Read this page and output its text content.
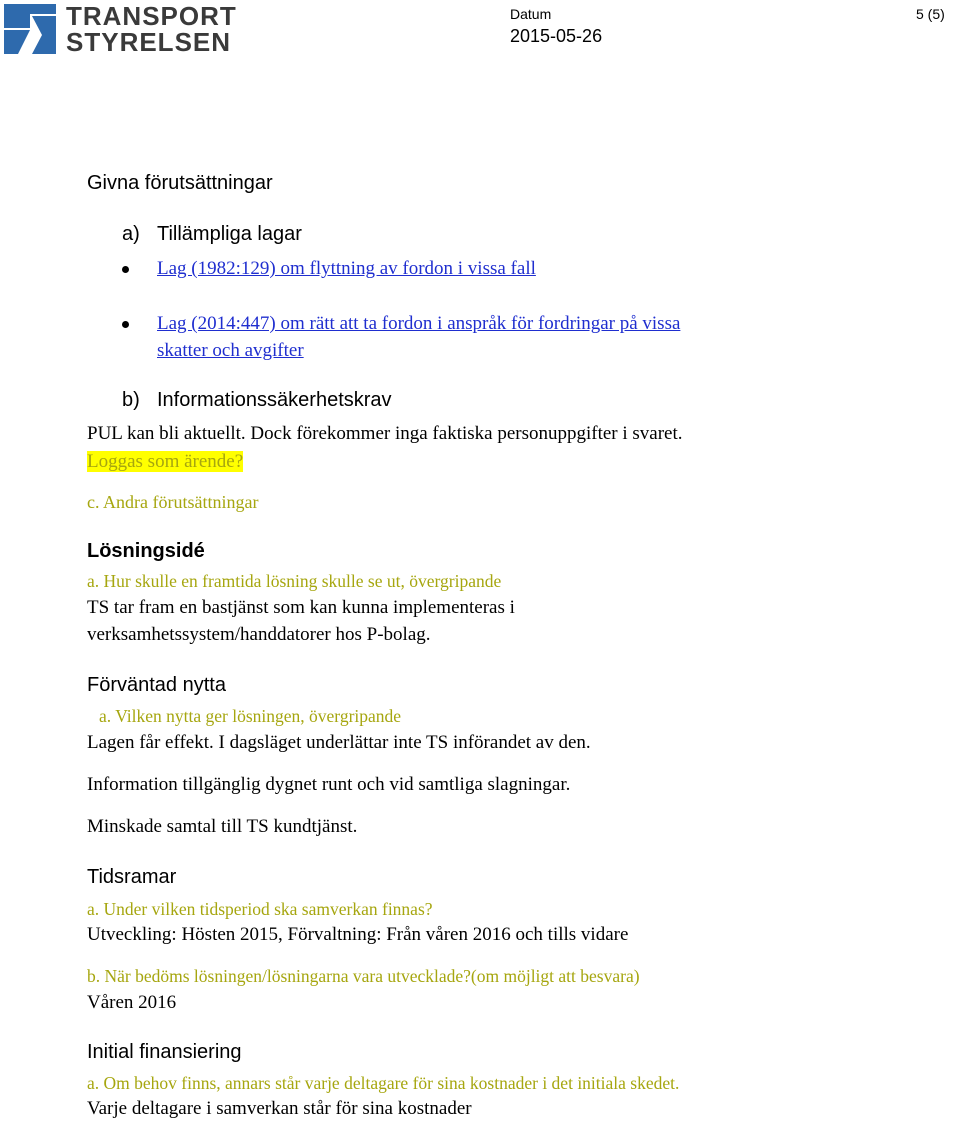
TRANSPORT
STYRELSEN
Datum
2015-05-26
5 (5)
Givna förutsättningar
a) Tillämpliga lagar
Lag (1982:129) om flyttning av fordon i vissa fall
Lag (2014:447) om rätt att ta fordon i anspråk för fordringar på vissa
skatter och avgifter
b) Informationssäkerhetskrav
PUL kan bli aktuellt. Dock förekommer inga faktiska personuppgifter i svaret.
Loggas som ärende?
c. Andra förutsättningar
Lösningsidé
a. Hur skulle en framtida lösning skulle se ut, övergripande
TS tar fram en bastjänst som kan kunna implementeras i
verksamhetssystem/handdatorer hos P-bolag.
Förväntad nytta
a. Vilken nytta ger lösningen, övergripande
Lagen får effekt. I dagsläget underlättar inte TS införandet av den.
Information tillgänglig dygnet runt och vid samtliga slagningar.
Minskade samtal till TS kundtjänst.
Tidsramar
a. Under vilken tidsperiod ska samverkan finnas?
Utveckling: Hösten 2015, Förvaltning: Från våren 2016 och tills vidare
b. När bedöms lösningen/lösningarna vara utvecklade?(om möjligt att besvara)
Våren 2016
Initial finansiering
a. Om behov finns, annars står varje deltagare för sina kostnader i det initiala skedet.
Varje deltagare i samverkan står för sina kostnader
